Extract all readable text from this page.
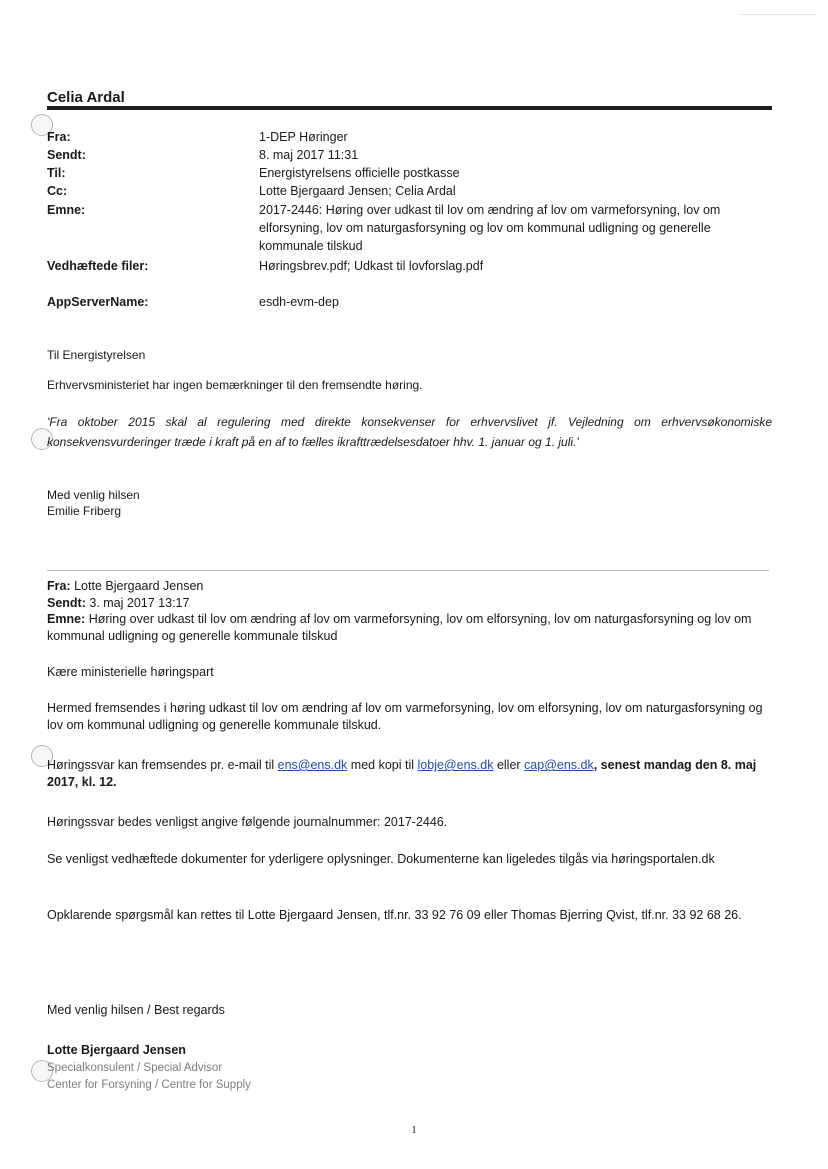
Celia Ardal
Fra:	1-DEP Høringer
Sendt:	8. maj 2017 11:31
Til:	Energistyrelsens officielle postkasse
Cc:	Lotte Bjergaard Jensen; Celia Ardal
Emne:	2017-2446: Høring over udkast til lov om ændring af lov om varmeforsyning, lov om elforsyning, lov om naturgasforsyning og lov om kommunal udligning og generelle kommunale tilskud
Vedhæftede filer:	Høringsbrev.pdf; Udkast til lovforslag.pdf
AppServerName:	esdh-evm-dep
Til Energistyrelsen
Erhvervsministeriet har ingen bemærkninger til den fremsendte høring.
'Fra oktober 2015 skal al regulering med direkte konsekvenser for erhvervslivet jf. Vejledning om erhvervsøkonomiske konsekvensvurderinger træde i kraft på en af to fælles ikrafttrædelsesdatoer hhv. 1. januar og 1. juli.'
Med venlig hilsen
Emilie Friberg
Fra: Lotte Bjergaard Jensen
Sendt: 3. maj 2017 13:17
Emne: Høring over udkast til lov om ændring af lov om varmeforsyning, lov om elforsyning, lov om naturgasforsyning og lov om kommunal udligning og generelle kommunale tilskud
Kære ministerielle høringspart
Hermed fremsendes i høring udkast til lov om ændring af lov om varmeforsyning, lov om elforsyning, lov om naturgasforsyning og lov om kommunal udligning og generelle kommunale tilskud.
Høringssvar kan fremsendes pr. e-mail til ens@ens.dk med kopi til lobje@ens.dk eller cap@ens.dk, senest mandag den 8. maj 2017, kl. 12.
Høringssvar bedes venligst angive følgende journalnummer: 2017-2446.
Se venligst vedhæftede dokumenter for yderligere oplysninger. Dokumenterne kan ligeledes tilgås via høringsportalen.dk
Opklarende spørgsmål kan rettes til Lotte Bjergaard Jensen, tlf.nr. 33 92 76 09 eller Thomas Bjerring Qvist, tlf.nr. 33 92 68 26.
Med venlig hilsen / Best regards
Lotte Bjergaard Jensen
Specialkonsulent / Special Advisor
Center for Forsyning / Centre for Supply
1
